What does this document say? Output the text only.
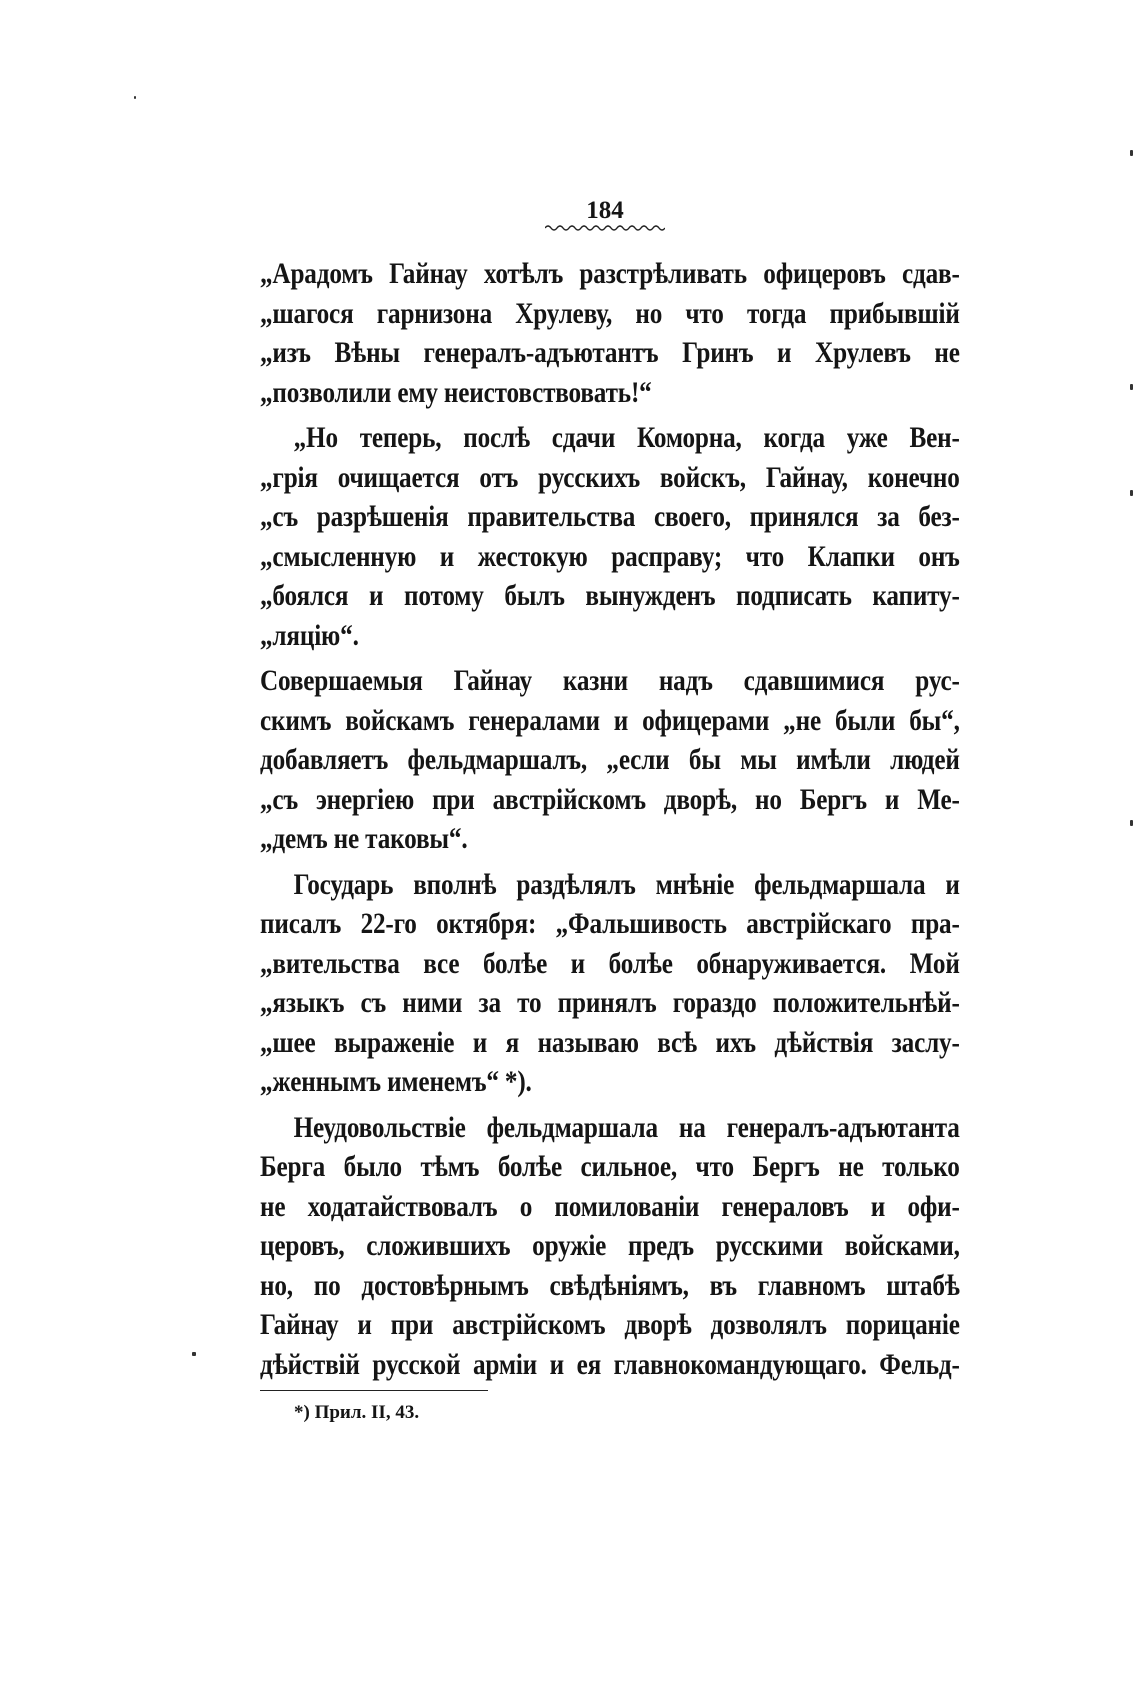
184
„Арадомъ Гайнау хотѣлъ разстрѣливать офицеровъ сдав-
„шагося гарнизона Хрулеву, но что тогда прибывшій
„изъ Вѣны генералъ-адъютантъ Гринъ и Хрулевъ не
„позволили ему неистовствовать!“
„Но теперь, послѣ сдачи Коморна, когда уже Вен-
„грія очищается отъ русскихъ войскъ, Гайнау, конечно
„съ разрѣшенія правительства своего, принялся за без-
„смысленную и жестокую расправу; что Клапки онъ
„боялся и потому былъ вынужденъ подписать капиту-
„ляцію“.
Совершаемыя Гайнау казни надъ сдавшимися рус-
скимъ войскамъ генералами и офицерами „не были бы“,
добавляетъ фельдмаршалъ, „если бы мы имѣли людей
„съ энергіею при австрійскомъ дворѣ, но Бергъ и Ме-
„демъ не таковы“.
Государь вполнѣ раздѣлялъ мнѣніе фельдмаршала и
писалъ 22-го октября: „Фальшивость австрійскаго пра-
„вительства все болѣе и болѣе обнаруживается. Мой
„языкъ съ ними за то принялъ гораздо положительнѣй-
„шее выраженіе и я называю всѣ ихъ дѣйствія заслу-
„женнымъ именемъ“ *).
Неудовольствіе фельдмаршала на генералъ-адъютанта
Берга было тѣмъ болѣе сильное, что Бергъ не только
не ходатайствовалъ о помилованіи генераловъ и офи-
церовъ, сложившихъ оружіе предъ русскими войсками,
но, по достовѣрнымъ свѣдѣніямъ, въ главномъ штабѣ
Гайнау и при австрійскомъ дворѣ дозволялъ порицаніе
дѣйствій русской арміи и ея главнокомандующаго. Фельд-
*) Прил. II, 43.
